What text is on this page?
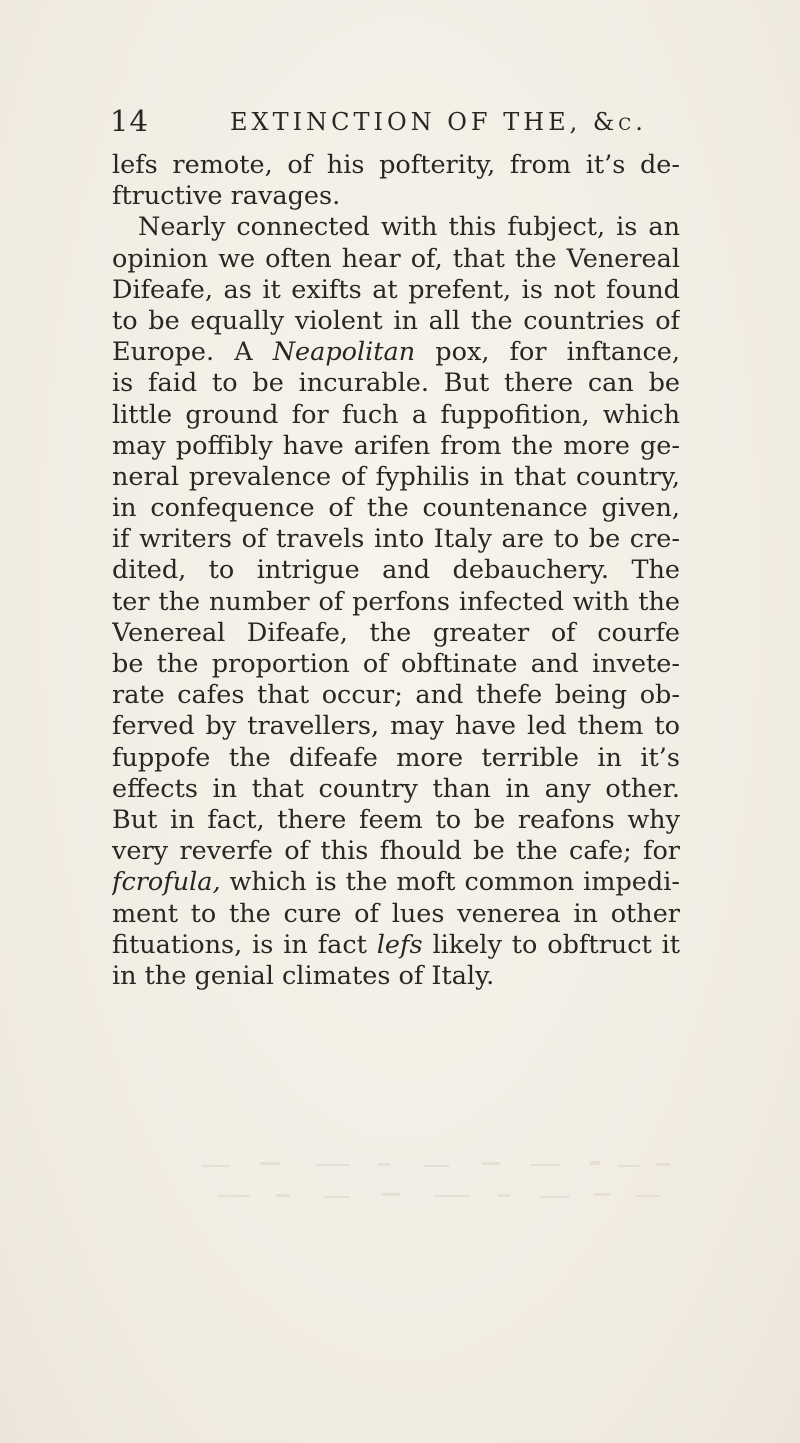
14	EXTINCTION OF THE, &c.
lefs remote, of his pofterity, from it’s de-
ftructive ravages.
Nearly connected with this fubject, is an
opinion we often hear of, that the Venereal
Difeafe, as it exifts at prefent, is not found
to be equally violent in all the countries of
Europe. A Neapolitan pox, for inftance,
is faid to be incurable. But there can be
little ground for fuch a fuppofition, which
may poffibly have arifen from the more ge-
neral prevalence of fyphilis in that country,
in confequence of the countenance given,
if writers of travels into Italy are to be cre-
dited, to intrigue and debauchery. The
ter the number of perfons infected with the
Venereal Difeafe, the greater of courfe
be the proportion of obftinate and invete-
rate cafes that occur; and thefe being ob-
ferved by travellers, may have led them to
fuppofe the difeafe more terrible in it’s
effects in that country than in any other.
But in fact, there feem to be reafons why
very reverfe of this fhould be the cafe; for
fcrofula, which is the moft common impedi-
ment to the cure of lues venerea in other
fituations, is in fact lefs likely to obftruct it
in the genial climates of Italy.
